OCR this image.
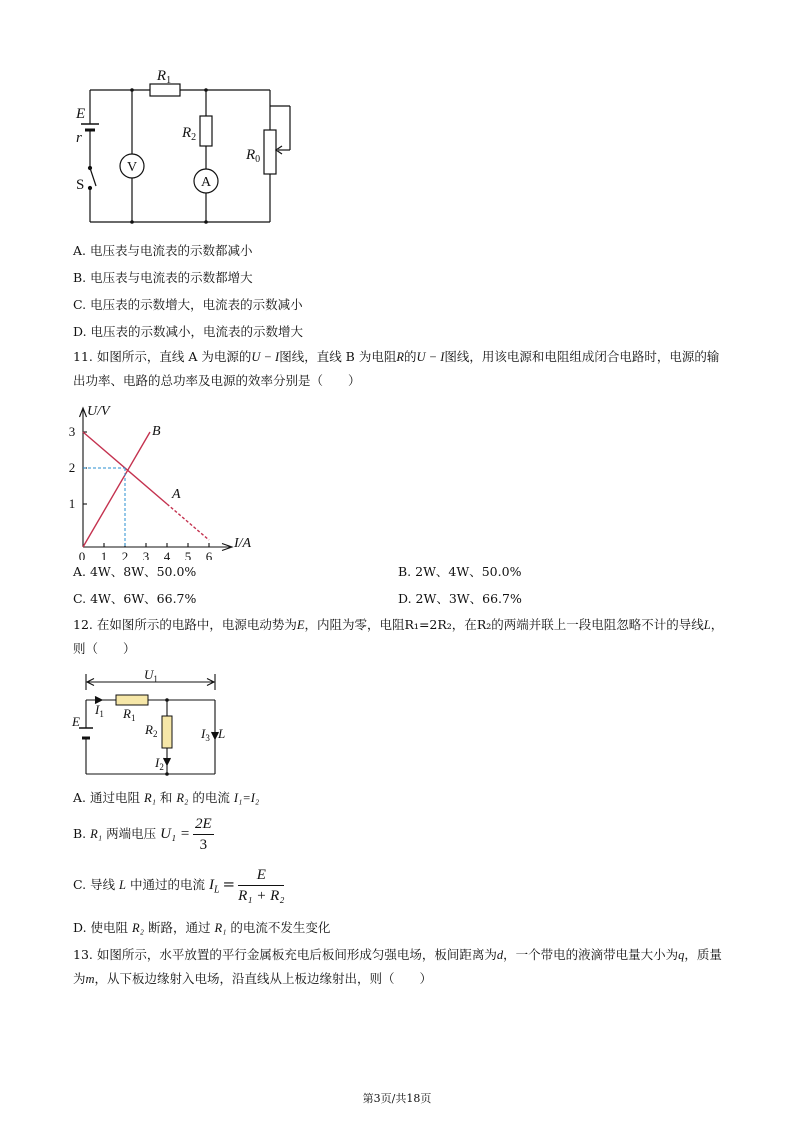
$R_1$
E
r
S
V
A
$R_2$
$R_0$
A. 电压表与电流表的示数都减小
B. 电压表与电流表的示数都增大
C. 电压表的示数增大，电流表的示数减小
D. 电压表的示数减小，电流表的示数增大
11. 如图所示，直线 A 为电源的U − I图线，直线 B 为电阻R的U − I图线，用该电源和电阻组成闭合电路时，电源的输出功率、电路的总功率及电源的效率分别是（　　）
U/V
I/A
B
A
0 1 2 3 4 5 6
1
2
3
A. 4W、8W、50.0%	B. 2W、4W、50.0%
C. 4W、6W、66.7%	D. 2W、3W、66.7%
12. 在如图所示的电路中，电源电动势为E，内阻为零，电阻R₁=2R₂，在R₂的两端并联上一段电阻忽略不计的导线L，则（　　）
$U_1$
$I_1$ $R_1$
$R_2$
$I_2$
$I_3$ L
E
A. 通过电阻 R₁ 和 R₂ 的电流 I₁=I₂
B. R₁ 两端电压 $U_1 = \frac{2E}{3}$
C. 导线 L 中通过的电流 $I_L = \frac{E}{\text{R₁ + R₂}}$
D. 使电阻 R₂ 断路，通过 R₁ 的电流不发生变化
13. 如图所示，水平放置的平行金属板充电后板间形成匀强电场，板间距离为d，一个带电的液滴带电量大小为q，质量为m，从下板边缘射入电场，沿直线从上板边缘射出，则（　　）
第3页/共18页
